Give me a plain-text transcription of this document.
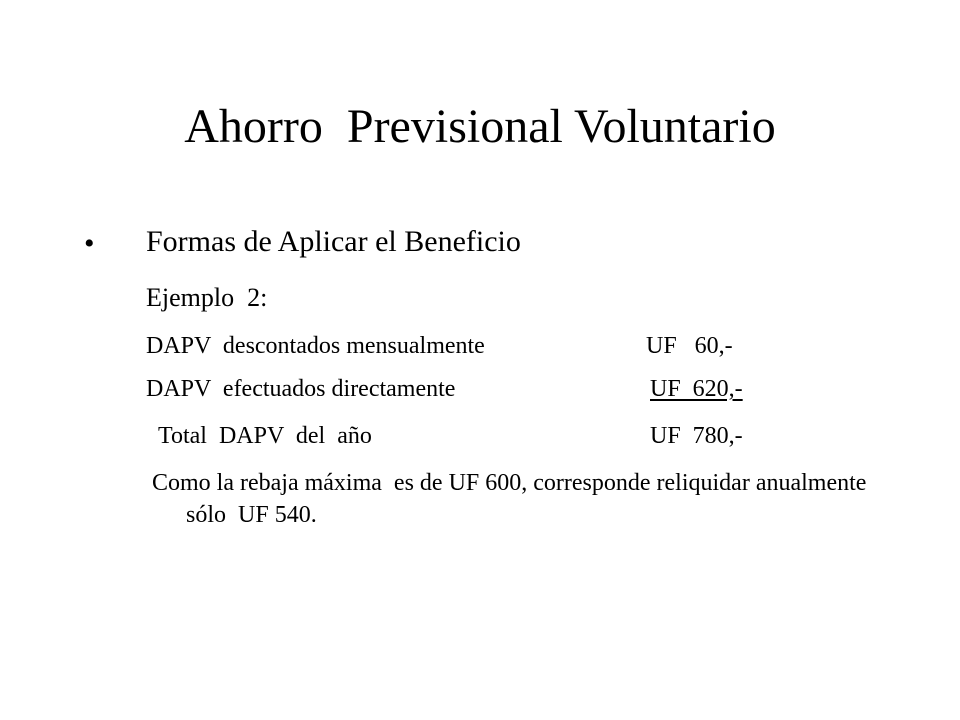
Ahorro  Previsional Voluntario
• Formas de Aplicar el Beneficio
Ejemplo  2:
DAPV  descontados mensualmente	UF   60,-
DAPV  efectuados directamente	UF  620,-
Total  DAPV  del  año	UF  780,-
Como la rebaja máxima  es de UF 600, corresponde reliquidar anualmente  sólo  UF 540.
